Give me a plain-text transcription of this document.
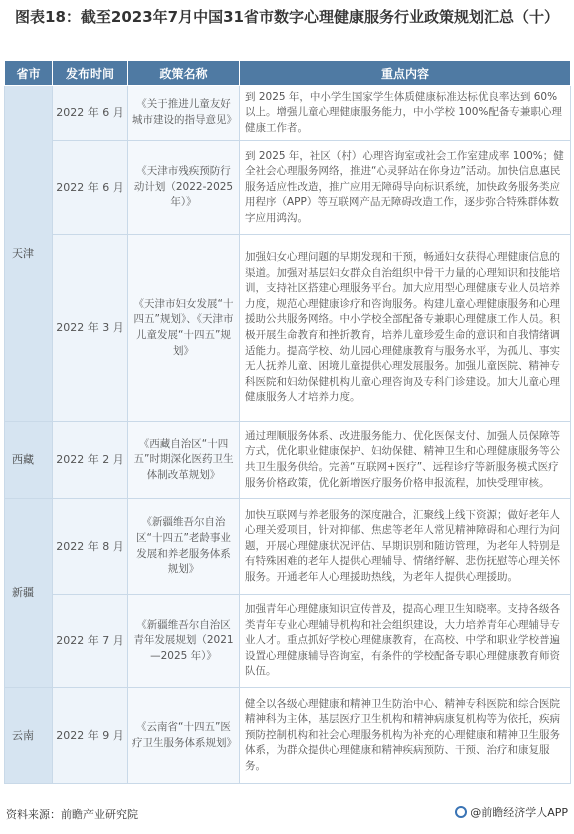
图表18：截至2023年7月中国31省市数字心理健康服务行业政策规划汇总（十）
省市	发布时间	政策名称	重点内容
天津	2022 年 6 月	《关于推进儿童友好城市建设的指导意见》	到 2025 年，中小学生国家学生体质健康标准达标优良率达到 60%以上。增强儿童心理健康服务能力，中小学校 100%配备专兼职心理健康工作者。
	2022 年 6 月	《天津市残疾预防行动计划（2022-2025 年）》	到 2025 年，社区（村）心理咨询室或社会工作室建成率 100%；健全社会心理服务网络，推进“心灵驿站在你身边”活动。加快信息惠民服务适应性改造，推广应用无障碍导向标识系统，加快政务服务类应用程序（APP）等互联网产品无障碍改造工作，逐步弥合特殊群体数字应用鸿沟。
	2022 年 3 月	《天津市妇女发展“十四五”规划》、《天津市儿童发展“十四五”规划》	加强妇女心理问题的早期发现和干预，畅通妇女获得心理健康信息的渠道。加强对基层妇女群众自治组织中骨干力量的心理知识和技能培训，支持社区搭建心理服务平台。加大应用型心理健康专业人员培养力度，规范心理健康诊疗和咨询服务。构建儿童心理健康服务和心理援助公共服务网络。中小学校全部配备专兼职心理健康工作人员。积极开展生命教育和挫折教育，培养儿童珍爱生命的意识和自我情绪调适能力。提高学校、幼儿园心理健康教育与服务水平，为孤儿、事实无人抚养儿童、困境儿童提供心理发展服务。加强儿童医院、精神专科医院和妇幼保健机构儿童心理咨询及专科门诊建设。加大儿童心理健康服务人才培养力度。
西藏	2022 年 2 月	《西藏自治区“十四五”时期深化医药卫生体制改革规划》	通过理顺服务体系、改进服务能力、优化医保支付、加强人员保障等方式，优化职业健康保护、妇幼保健、精神卫生和心理健康服务等公共卫生服务供给。完善“互联网+医疗”、远程诊疗等新服务模式医疗服务价格政策，优化新增医疗服务价格申报流程，加快受理审核。
新疆	2022 年 8 月	《新疆维吾尔自治区“十四五”老龄事业发展和养老服务体系规划》	加快互联网与养老服务的深度融合，汇聚线上线下资源；做好老年人心理关爱项目，针对抑郁、焦虑等老年人常见精神障碍和心理行为问题，开展心理健康状况评估、早期识别和随访管理，为老年人特别是有特殊困难的老年人提供心理辅导、情绪纾解、悲伤抚慰等心理关怀服务。开通老年人心理援助热线，为老年人提供心理援助。
	2022 年 7 月	《新疆维吾尔自治区青年发展规划（2021—2025 年）》	加强青年心理健康知识宣传普及，提高心理卫生知晓率。支持各级各类青年专业心理辅导机构和社会组织建设，大力培养青年心理辅导专业人才。重点抓好学校心理健康教育，在高校、中学和职业学校普遍设置心理健康辅导咨询室，有条件的学校配备专职心理健康教育师资队伍。
云南	2022 年 9 月	《云南省“十四五”医疗卫生服务体系规划》	健全以各级心理健康和精神卫生防治中心、精神专科医院和综合医院精神科为主体，基层医疗卫生机构和精神病康复机构等为依托，疾病预防控制机构和社会心理服务机构为补充的心理健康和精神卫生服务体系，为群众提供心理健康和精神疾病预防、干预、治疗和康复服务。
资料来源：前瞻产业研究院	@前瞻经济学人APP
